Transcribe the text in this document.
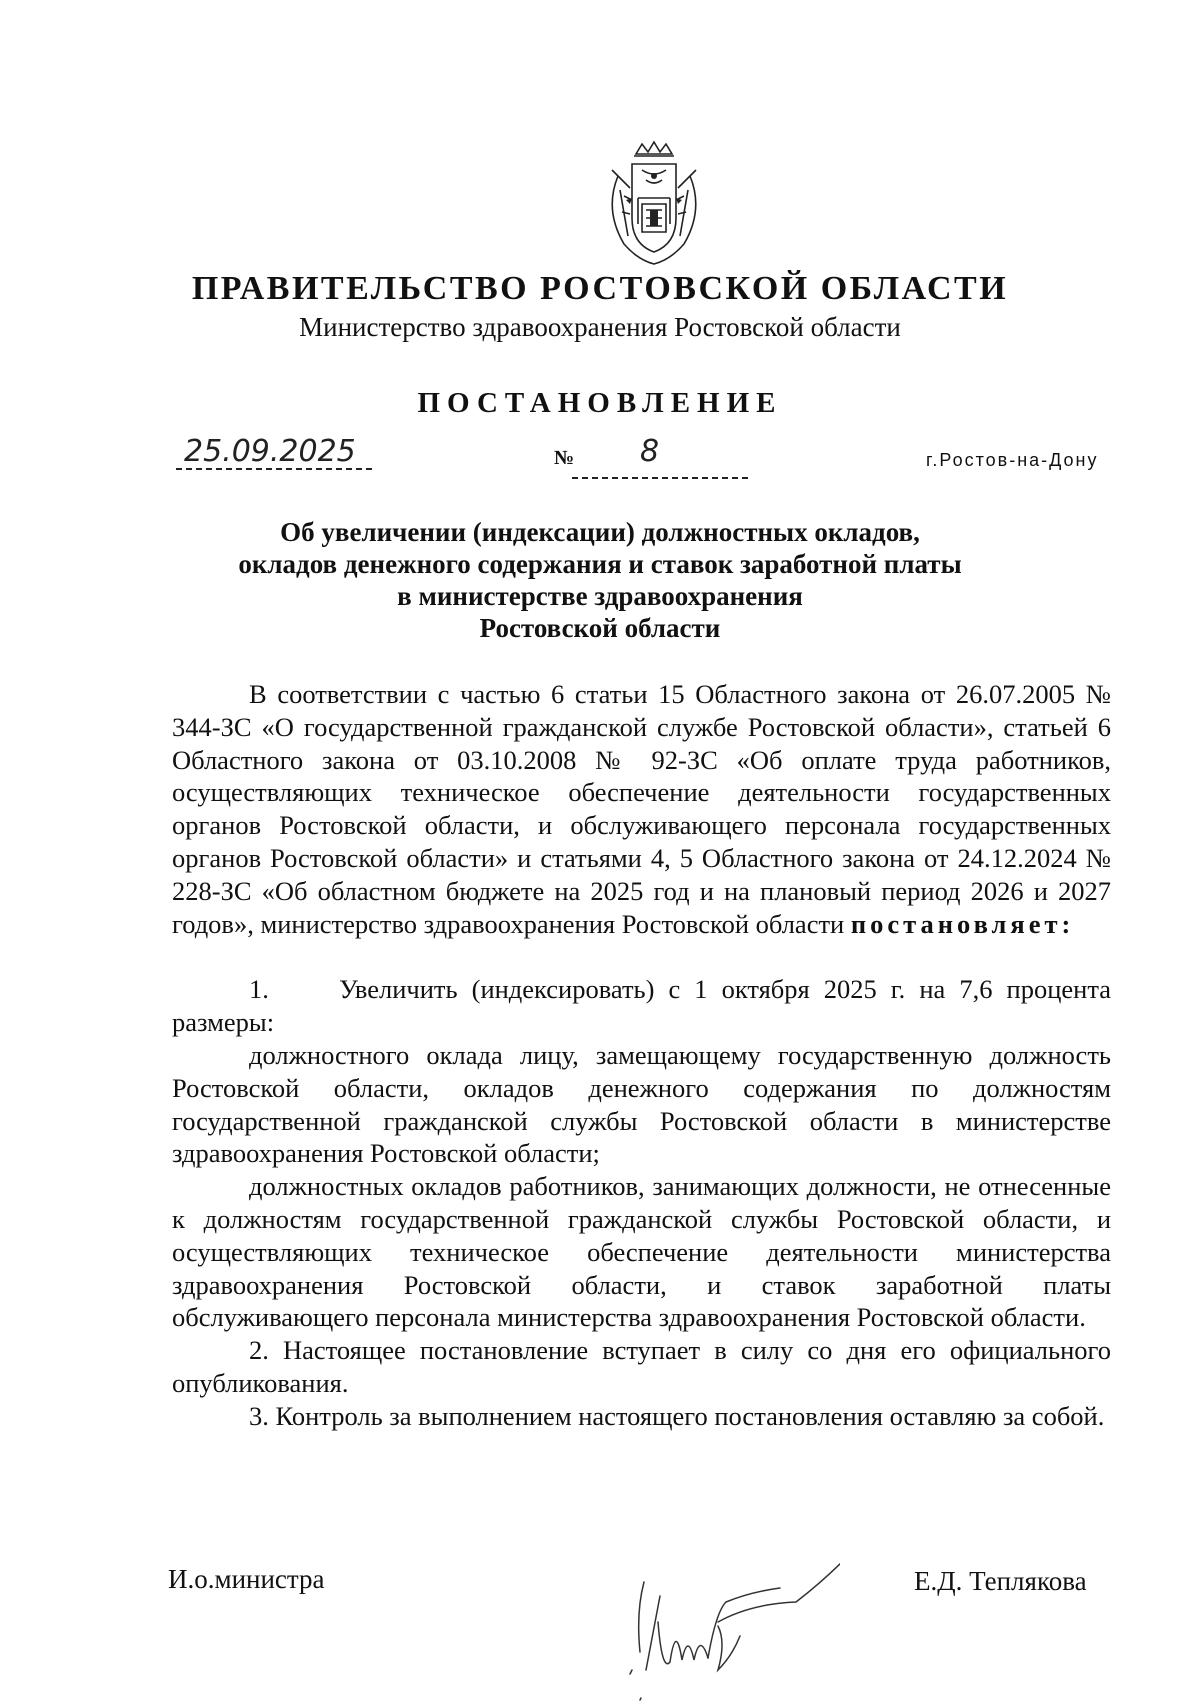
ПРАВИТЕЛЬСТВО РОСТОВСКОЙ ОБЛАСТИ
Министерство здравоохранения Ростовской области
ПОСТАНОВЛЕНИЕ
25.09.2025	№ 8	г.Ростов-на-Дону
Об увеличении (индексации) должностных окладов,
окладов денежного содержания и ставок заработной платы
в министерстве здравоохранения
Ростовской области

В соответствии с частью 6 статьи 15 Областного закона от 26.07.2005 № 344-ЗС «О государственной гражданской службе Ростовской области», статьей 6 Областного закона от 03.10.2008 № 92-ЗС «Об оплате труда работников, осуществляющих техническое обеспечение деятельности государственных органов Ростовской области, и обслуживающего персонала государственных органов Ростовской области» и статьями 4, 5 Областного закона от 24.12.2024 № 228-ЗС «Об областном бюджете на 2025 год и на плановый период 2026 и 2027 годов», министерство здравоохранения Ростовской области постановляет:

1.     Увеличить (индексировать) с 1 октября 2025 г. на 7,6 процента размеры:

должностного оклада лицу, замещающему государственную должность Ростовской области, окладов денежного содержания по должностям государственной гражданской службы Ростовской области в министерстве здравоохранения Ростовской области;

должностных окладов работников, занимающих должности, не отнесенные к должностям государственной гражданской службы Ростовской области, и осуществляющих техническое обеспечение деятельности министерства здравоохранения Ростовской области, и ставок заработной платы обслуживающего персонала министерства здравоохранения Ростовской области.

2. Настоящее постановление вступает в силу со дня его официального опубликования.

3. Контроль за выполнением настоящего постановления оставляю за собой.

И.о.министра	Е.Д. Теплякова
